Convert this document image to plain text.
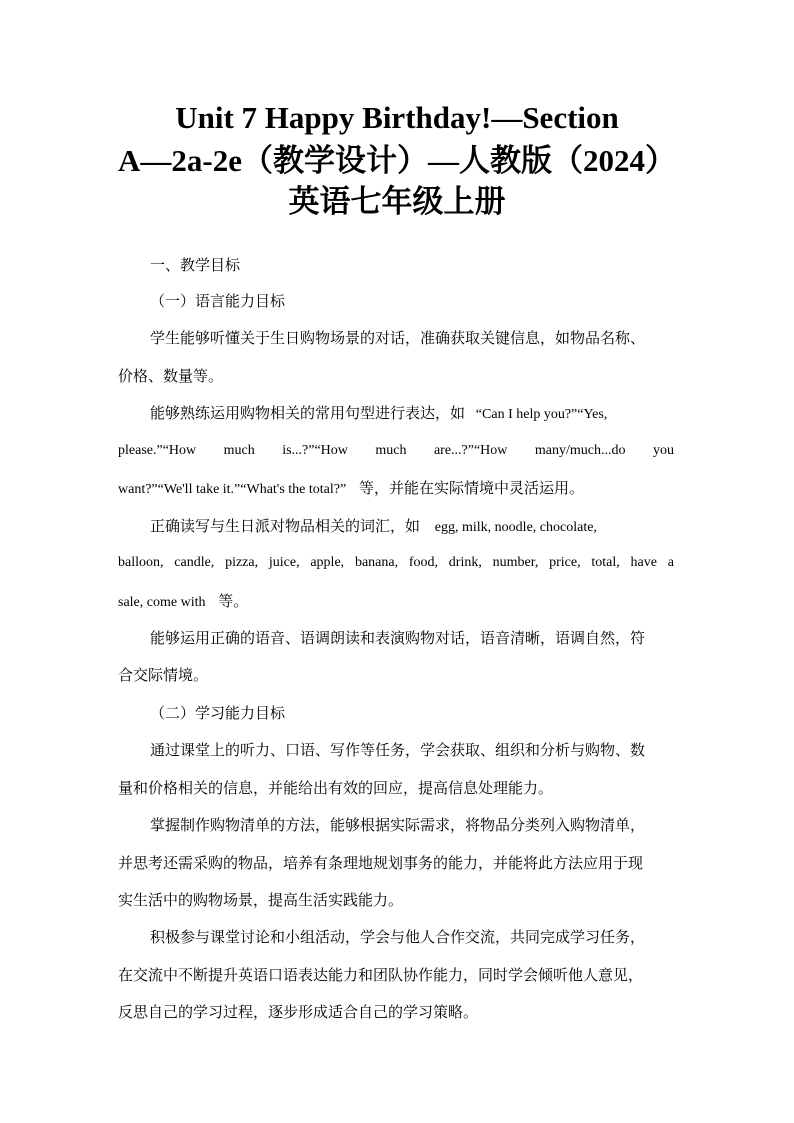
Unit 7 Happy Birthday!—Section
A—2a-2e（教学设计）—人教版（2024）
英语七年级上册

一、教学目标

（一）语言能力目标

学生能够听懂关于生日购物场景的对话，准确获取关键信息，如物品名称、

价格、数量等。

能够熟练运用购物相关的常用句型进行表达，如 “Can I help you?”“Yes,

please.”“How much is...?”“How much are...?”“How many/much...do you

want?”“We'll take it.”“What's the total?” 等，并能在实际情境中灵活运用。

正确读写与生日派对物品相关的词汇，如 egg, milk, noodle, chocolate,

balloon, candle, pizza, juice, apple, banana, food, drink, number, price, total, have a

sale, come with 等。

能够运用正确的语音、语调朗读和表演购物对话，语音清晰，语调自然，符

合交际情境。

（二）学习能力目标

通过课堂上的听力、口语、写作等任务，学会获取、组织和分析与购物、数

量和价格相关的信息，并能给出有效的回应，提高信息处理能力。

掌握制作购物清单的方法，能够根据实际需求，将物品分类列入购物清单，

并思考还需采购的物品，培养有条理地规划事务的能力，并能将此方法应用于现

实生活中的购物场景，提高生活实践能力。

积极参与课堂讨论和小组活动，学会与他人合作交流，共同完成学习任务，

在交流中不断提升英语口语表达能力和团队协作能力，同时学会倾听他人意见，

反思自己的学习过程，逐步形成适合自己的学习策略。
